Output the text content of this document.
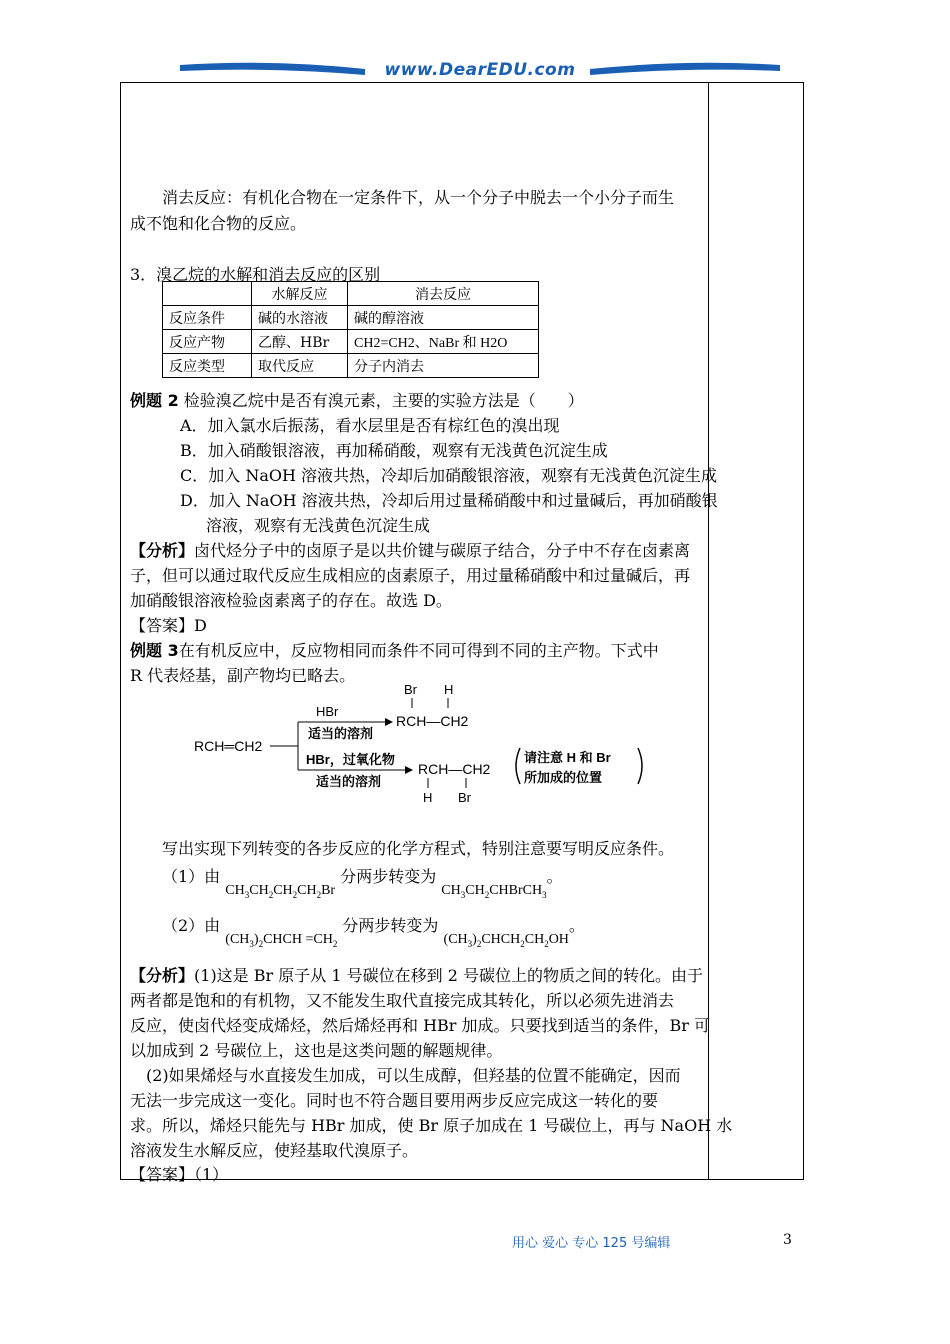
www.DearEDU.com
　　消去反应：有机化合物在一定条件下，从一个分子中脱去一个小分子而生
成不饱和化合物的反应。
3．溴乙烷的水解和消去反应的区别
	水解反应	消去反应
反应条件	碱的水溶液	碱的醇溶液
反应产物	乙醇、HBr	CH2=CH2、NaBr 和 H2O
反应类型	取代反应	分子内消去
例题 2 检验溴乙烷中是否有溴元素，主要的实验方法是（　　）
A．加入氯水后振荡，看水层里是否有棕红色的溴出现
B．加入硝酸银溶液，再加稀硝酸，观察有无浅黄色沉淀生成
C．加入 NaOH 溶液共热，冷却后加硝酸银溶液，观察有无浅黄色沉淀生成
D．加入 NaOH 溶液共热，冷却后用过量稀硝酸中和过量碱后，再加硝酸银
溶液，观察有无浅黄色沉淀生成
【分析】卤代烃分子中的卤原子是以共价键与碳原子结合，分子中不存在卤素离
子，但可以通过取代反应生成相应的卤素原子，用过量稀硝酸中和过量碱后，再
加硝酸银溶液检验卤素离子的存在。故选 D。
【答案】D
例题 3在有机反应中，反应物相同而条件不同可得到不同的主产物。下式中
R 代表烃基，副产物均已略去。
RCH═CH2
HBr
适当的溶剂
HBr，过氧化物
适当的溶剂
Br H
RCH—CH2
RCH—CH2
H Br
请注意 H 和 Br
所加成的位置
　　写出实现下列转变的各步反应的化学方程式，特别注意要写明反应条件。
（1）由 $CH_3CH_2CH_2CH_2Br$ 分两步转变为 $CH_3CH_2CHBrCH_3$。
（2）由 $(CH_3)_2CHCH =CH_2$ 分两步转变为 $(CH_3)_2CHCH_2CH_2OH$。
【分析】(1)这是 Br 原子从 1 号碳位在移到 2 号碳位上的物质之间的转化。由于
两者都是饱和的有机物，又不能发生取代直接完成其转化，所以必须先进消去
反应，使卤代烃变成烯烃，然后烯烃再和 HBr 加成。只要找到适当的条件，Br 可
以加成到 2 号碳位上，这也是这类问题的解题规律。
　(2)如果烯烃与水直接发生加成，可以生成醇，但羟基的位置不能确定，因而
无法一步完成这一变化。同时也不符合题目要用两步反应完成这一转化的要
求。所以，烯烃只能先与 HBr 加成，使 Br 原子加成在 1 号碳位上，再与 NaOH 水
溶液发生水解反应，使羟基取代溴原子。
【答案】（1）
用心 爱心 专心 125 号编辑	3
